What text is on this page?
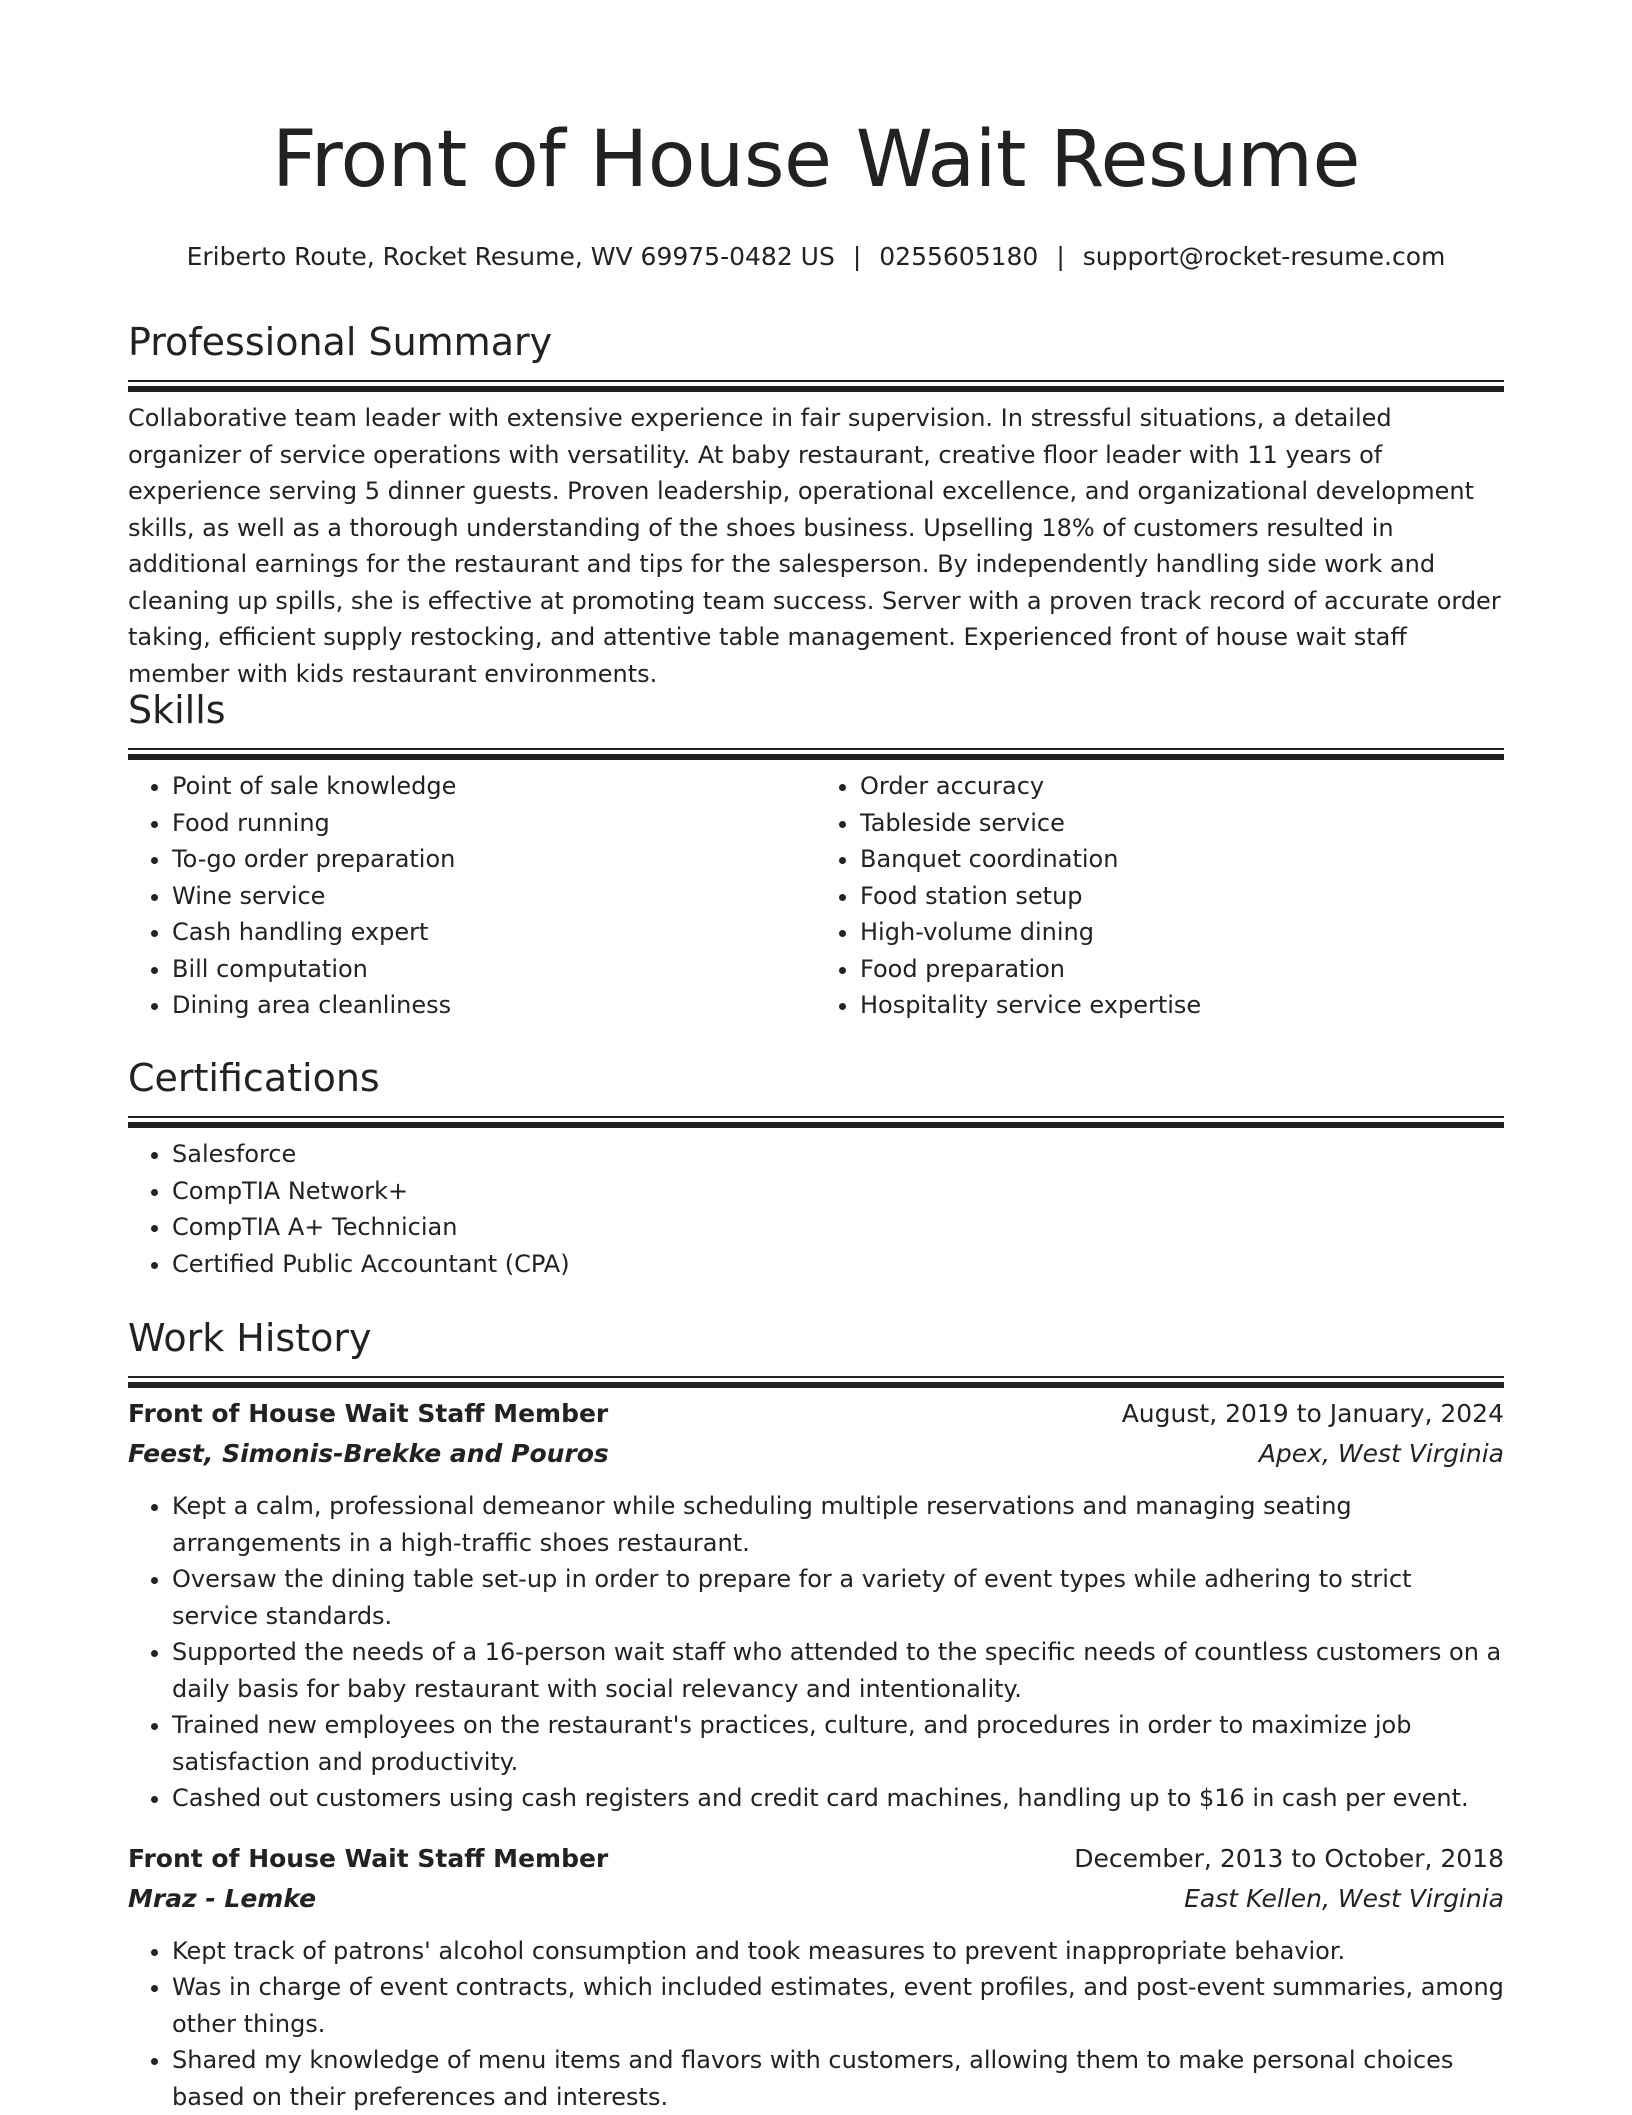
Front of House Wait Resume
Eriberto Route, Rocket Resume, WV 69975-0482 US | 0255605180 | support@rocket-resume.com
Professional Summary

Collaborative team leader with extensive experience in fair supervision. In stressful situations, a detailed organizer of service operations with versatility. At baby restaurant, creative floor leader with 11 years of experience serving 5 dinner guests. Proven leadership, operational excellence, and organizational development skills, as well as a thorough understanding of the shoes business. Upselling 18% of customers resulted in additional earnings for the restaurant and tips for the salesperson. By independently handling side work and cleaning up spills, she is effective at promoting team success. Server with a proven track record of accurate order taking, efficient supply restocking, and attentive table management. Experienced front of house wait staff member with kids restaurant environments.

Skills
• Point of sale knowledge
• Food running
• To-go order preparation
• Wine service
• Cash handling expert
• Bill computation
• Dining area cleanliness
• Order accuracy
• Tableside service
• Banquet coordination
• Food station setup
• High-volume dining
• Food preparation
• Hospitality service expertise
Certifications
• Salesforce
• CompTIA Network+
• CompTIA A+ Technician
• Certified Public Accountant (CPA)
Work History
Front of House Wait Staff Member	August, 2019 to January, 2024
Feest, Simonis-Brekke and Pouros	Apex, West Virginia
• Kept a calm, professional demeanor while scheduling multiple reservations and managing seating arrangements in a high-traffic shoes restaurant.
• Oversaw the dining table set-up in order to prepare for a variety of event types while adhering to strict service standards.
• Supported the needs of a 16-person wait staff who attended to the specific needs of countless customers on a daily basis for baby restaurant with social relevancy and intentionality.
• Trained new employees on the restaurant's practices, culture, and procedures in order to maximize job satisfaction and productivity.
• Cashed out customers using cash registers and credit card machines, handling up to $16 in cash per event.
Front of House Wait Staff Member	December, 2013 to October, 2018
Mraz - Lemke	East Kellen, West Virginia
• Kept track of patrons' alcohol consumption and took measures to prevent inappropriate behavior.
• Was in charge of event contracts, which included estimates, event profiles, and post-event summaries, among other things.
• Shared my knowledge of menu items and flavors with customers, allowing them to make personal choices based on their preferences and interests.
